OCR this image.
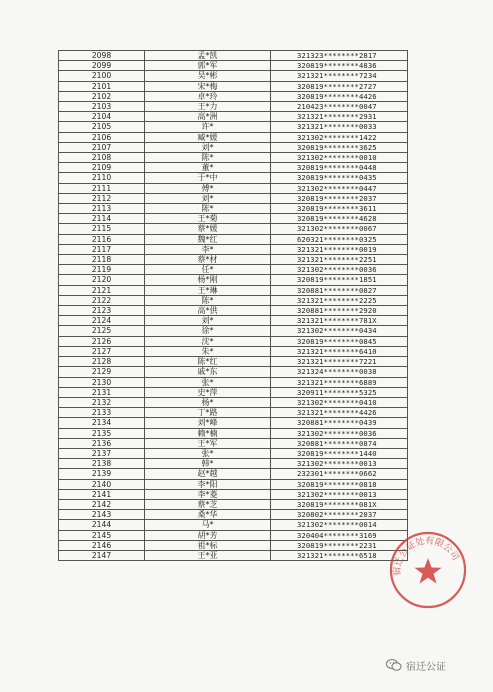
2098	孟*凯	321323********2817
2099	郭*军	320819********4836
2100	吴*彬	321321********7234
2101	宋*梅	320819********2727
2102	卓*玲	320819********4426
2103	王*力	210423********0047
2104	高*洲	321321********2931
2105	许*	321321********0033
2106	臧*媛	321302********1422
2107	刘*	320819********3625
2108	陈*	321302********0010
2109	董*	320819********0448
2110	于*中	320819********0435
2111	傅*	321302********0447
2112	刘*	320819********2037
2113	陈*	320819********3611
2114	王*菊	320819********4628
2115	蔡*媛	321302********0067
2116	魏*红	620321********0325
2117	李*	321321********0019
2118	蔡*材	321321********2251
2119	任*	321302********0036
2120	杨*刚	320819********1851
2121	王*琳	320881********0827
2122	陈*	321321********2225
2123	高*供	320881********2920
2124	刘*	321321********781X
2125	徐*	321302********0434
2126	沈*	320819********0845
2127	朱*	321321********6410
2128	陈*红	321321********7221
2129	戚*东	321324********0038
2130	张*	321321********6889
2131	史*萍	320911********5325
2132	杨*	321302********0410
2133	丁*路	321321********4426
2134	刘*峰	320881********0439
2135	赖*楠	321302********0036
2136	王*军	320881********0874
2137	张*	320819********1440
2138	韩*	321302********0013
2139	赵*越	232301********0662
2140	李*阳	320819********0818
2141	李*菱	321302********0013
2142	蔡*芝	320819********081X
2143	桑*华	320802********2037
2144	马*	321302********0014
2145	胡*芳	320404********3169
2146	祖*标	320819********2231
2147	王*亚	321321********6518
宿迁公证处有限公司
宿迁公证
